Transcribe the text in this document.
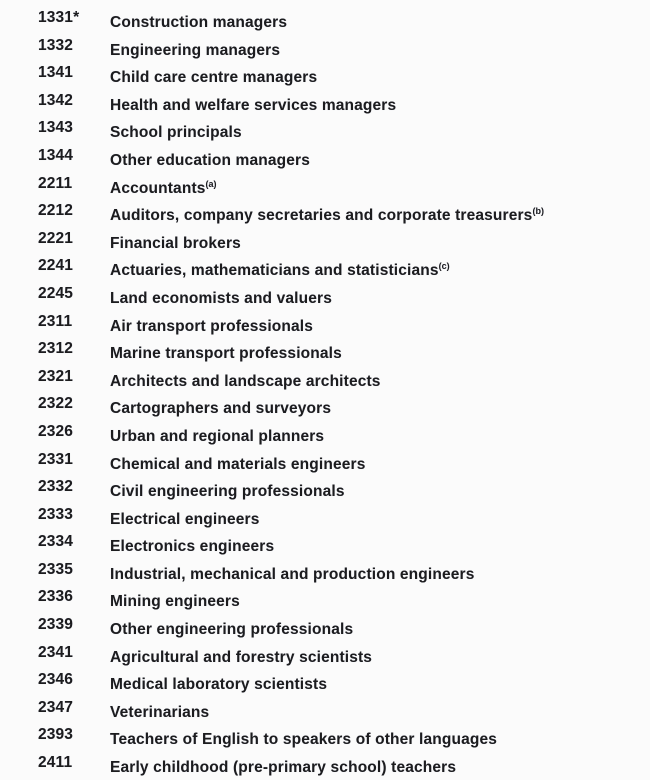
1331* Construction managers
1332 Engineering managers
1341 Child care centre managers
1342 Health and welfare services managers
1343 School principals
1344 Other education managers
2211 Accountants$^{(a)}$
2212 Auditors, company secretaries and corporate treasurers$^{(b)}$
2221 Financial brokers
2241 Actuaries, mathematicians and statisticians$^{(c)}$
2245 Land economists and valuers
2311 Air transport professionals
2312 Marine transport professionals
2321 Architects and landscape architects
2322 Cartographers and surveyors
2326 Urban and regional planners
2331 Chemical and materials engineers
2332 Civil engineering professionals
2333 Electrical engineers
2334 Electronics engineers
2335 Industrial, mechanical and production engineers
2336 Mining engineers
2339 Other engineering professionals
2341 Agricultural and forestry scientists
2346 Medical laboratory scientists
2347 Veterinarians
2393 Teachers of English to speakers of other languages
2411 Early childhood (pre-primary school) teachers
